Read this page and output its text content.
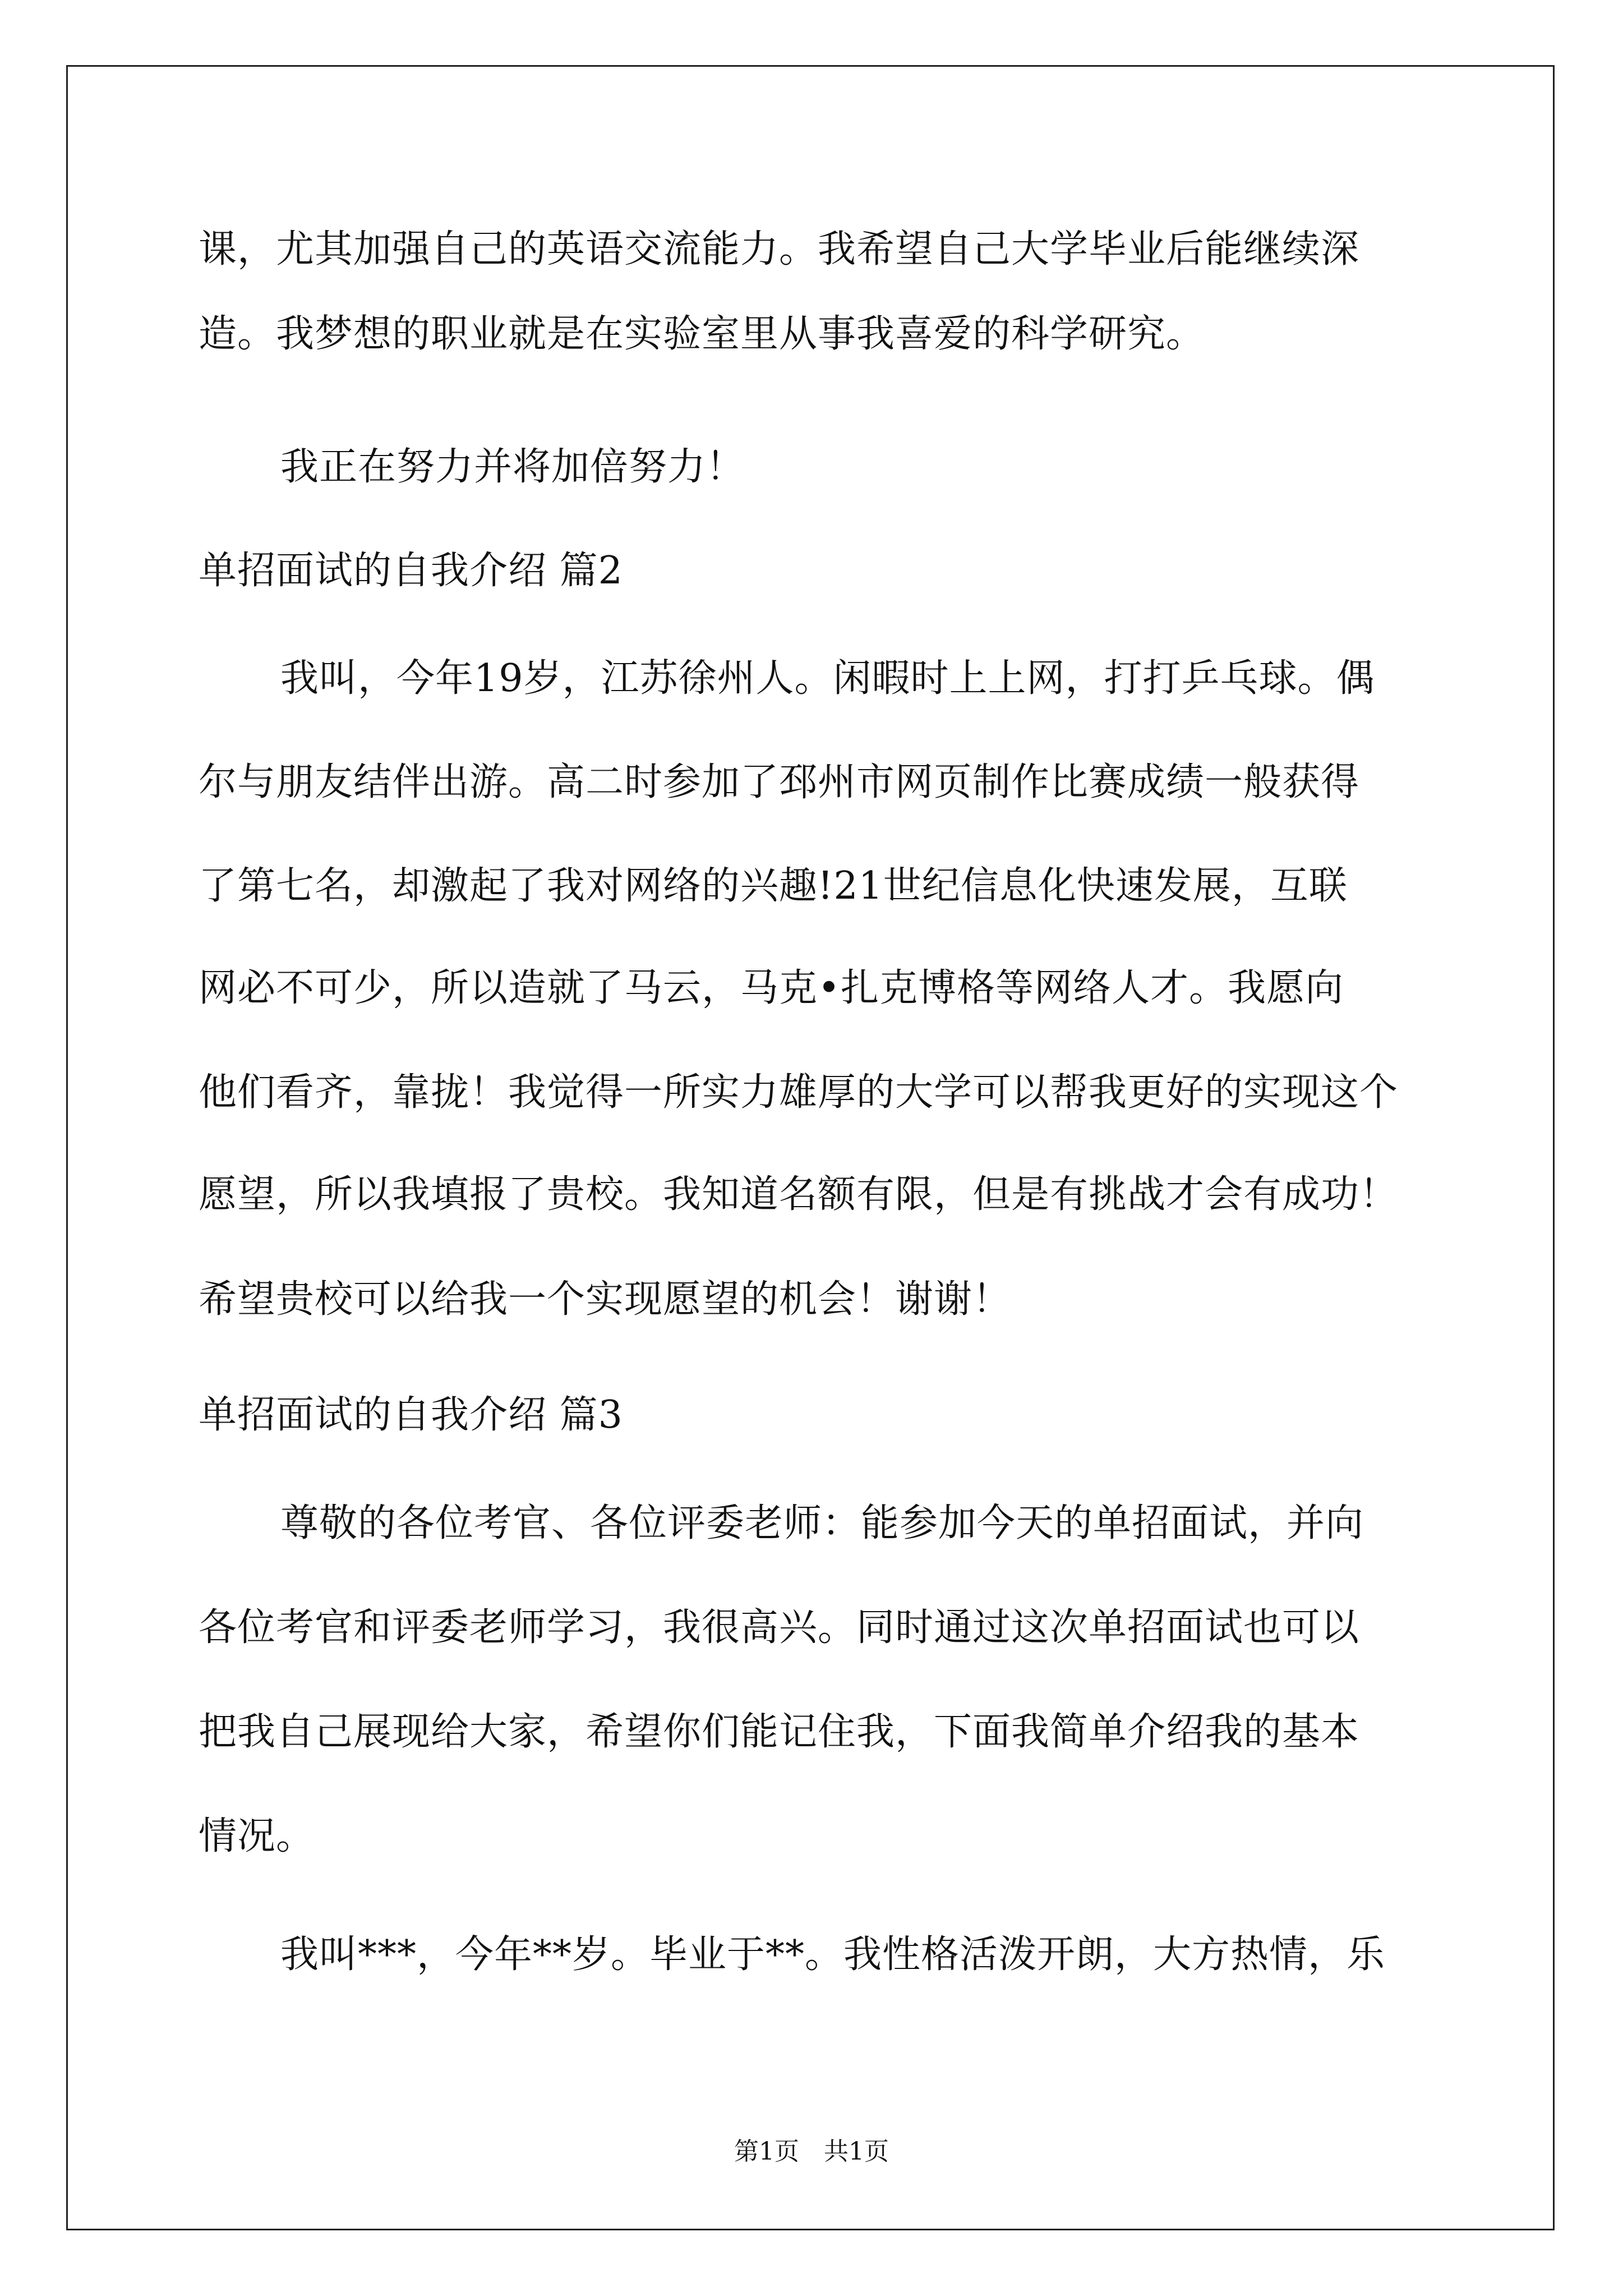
课，尤其加强自己的英语交流能力。我希望自己大学毕业后能继续深
造。我梦想的职业就是在实验室里从事我喜爱的科学研究。
我正在努力并将加倍努力！
单招面试的自我介绍 篇2
我叫，今年19岁，江苏徐州人。闲暇时上上网，打打乒乓球。偶
尔与朋友结伴出游。高二时参加了邳州市网页制作比赛成绩一般获得
了第七名，却激起了我对网络的兴趣!21世纪信息化快速发展，互联
网必不可少，所以造就了马云，马克•扎克博格等网络人才。我愿向
他们看齐，靠拢！我觉得一所实力雄厚的大学可以帮我更好的实现这个
愿望，所以我填报了贵校。我知道名额有限，但是有挑战才会有成功！
希望贵校可以给我一个实现愿望的机会！谢谢！
单招面试的自我介绍 篇3
尊敬的各位考官、各位评委老师：能参加今天的单招面试，并向
各位考官和评委老师学习，我很高兴。同时通过这次单招面试也可以
把我自己展现给大家，希望你们能记住我，下面我简单介绍我的基本
情况。
我叫***，今年**岁。毕业于**。我性格活泼开朗，大方热情，乐
第1页　共1页
